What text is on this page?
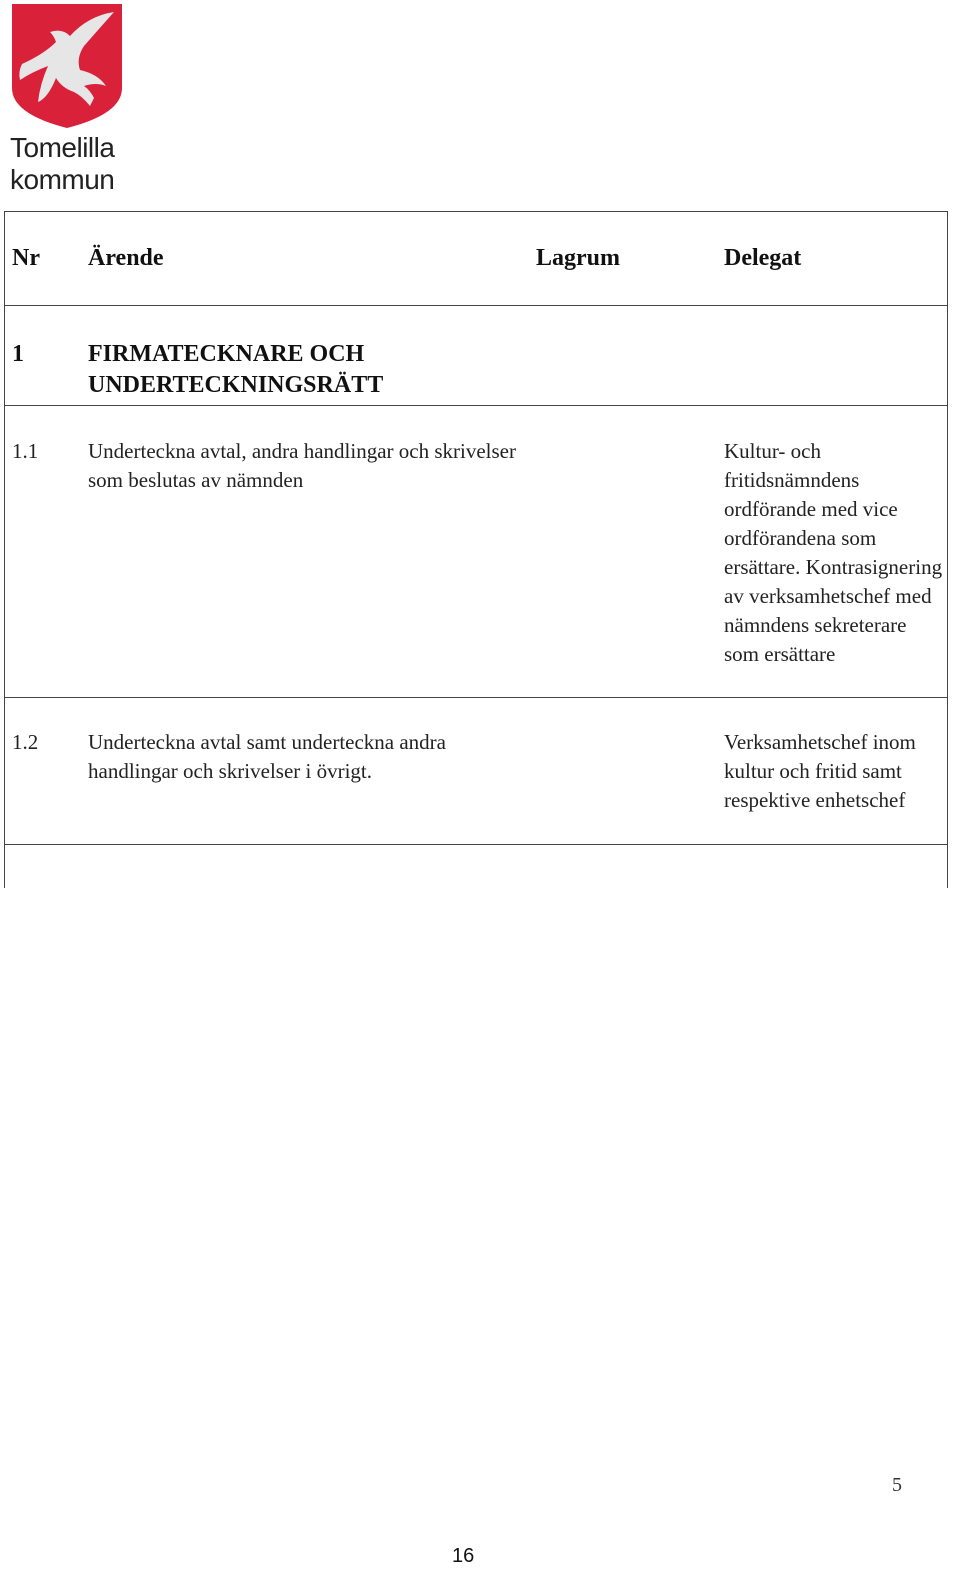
Tomelilla
kommun
Nr	Ärende	Lagrum	Delegat
1	FIRMATECKNARE OCH UNDERTECKNINGSRÄTT		

1.1	Underteckna avtal, andra handlingar och skrivelser som beslutas av nämnden		Kultur- och fritidsnämndens ordförande med vice ordförandena som ersättare. Kontrasignering av verksamhetschef med nämndens sekreterare som ersättare
1.2	Underteckna avtal samt underteckna andra handlingar och skrivelser i övrigt.		Verksamhetschef inom kultur och fritid samt respektive enhetschef
5
16
